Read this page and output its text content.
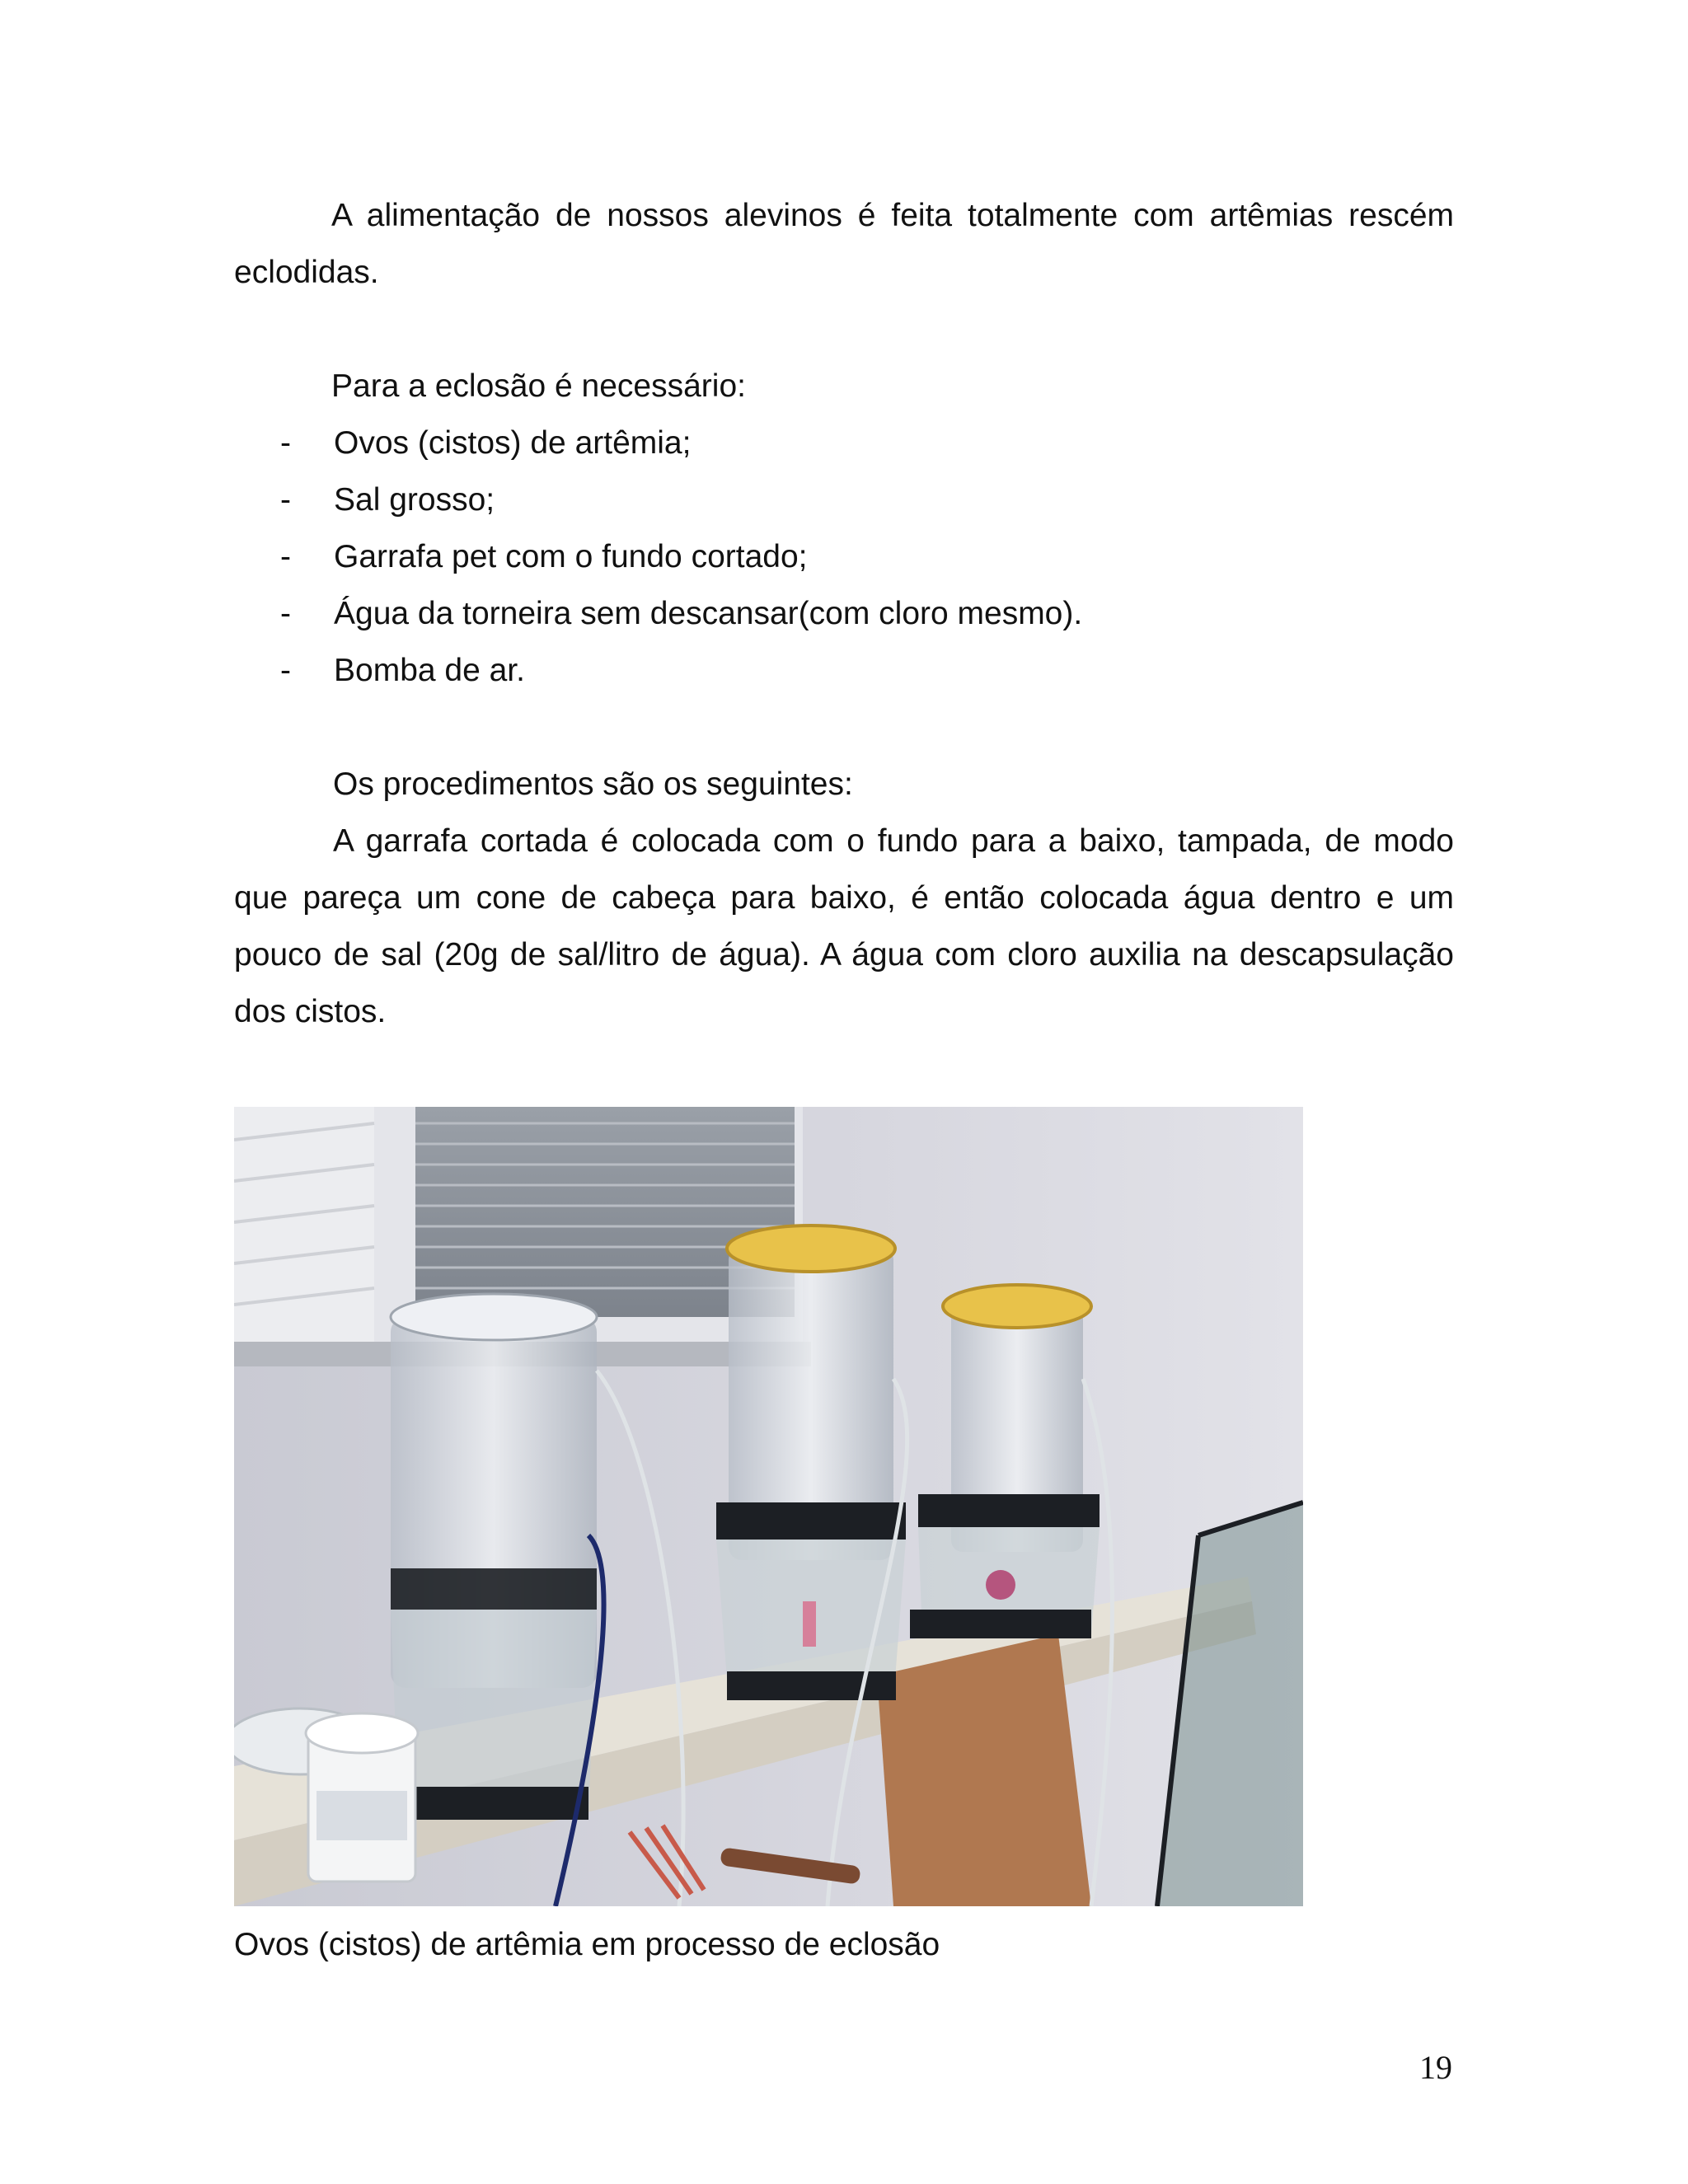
A alimentação de nossos alevinos é feita totalmente com artêmias rescém eclodidas.
Para a eclosão é necessário:
-	Ovos (cistos) de artêmia;
-	Sal grosso;
-	Garrafa pet com o fundo cortado;
-	Água da torneira sem descansar(com cloro mesmo).
-	Bomba de ar.
Os procedimentos são os seguintes:
A garrafa cortada é colocada com o fundo para a baixo, tampada, de modo que pareça um cone de cabeça para baixo, é então colocada água dentro e um pouco de sal (20g de sal/litro de água). A água com cloro auxilia na descapsulação dos cistos.
Ovos (cistos) de artêmia em processo de eclosão
19
